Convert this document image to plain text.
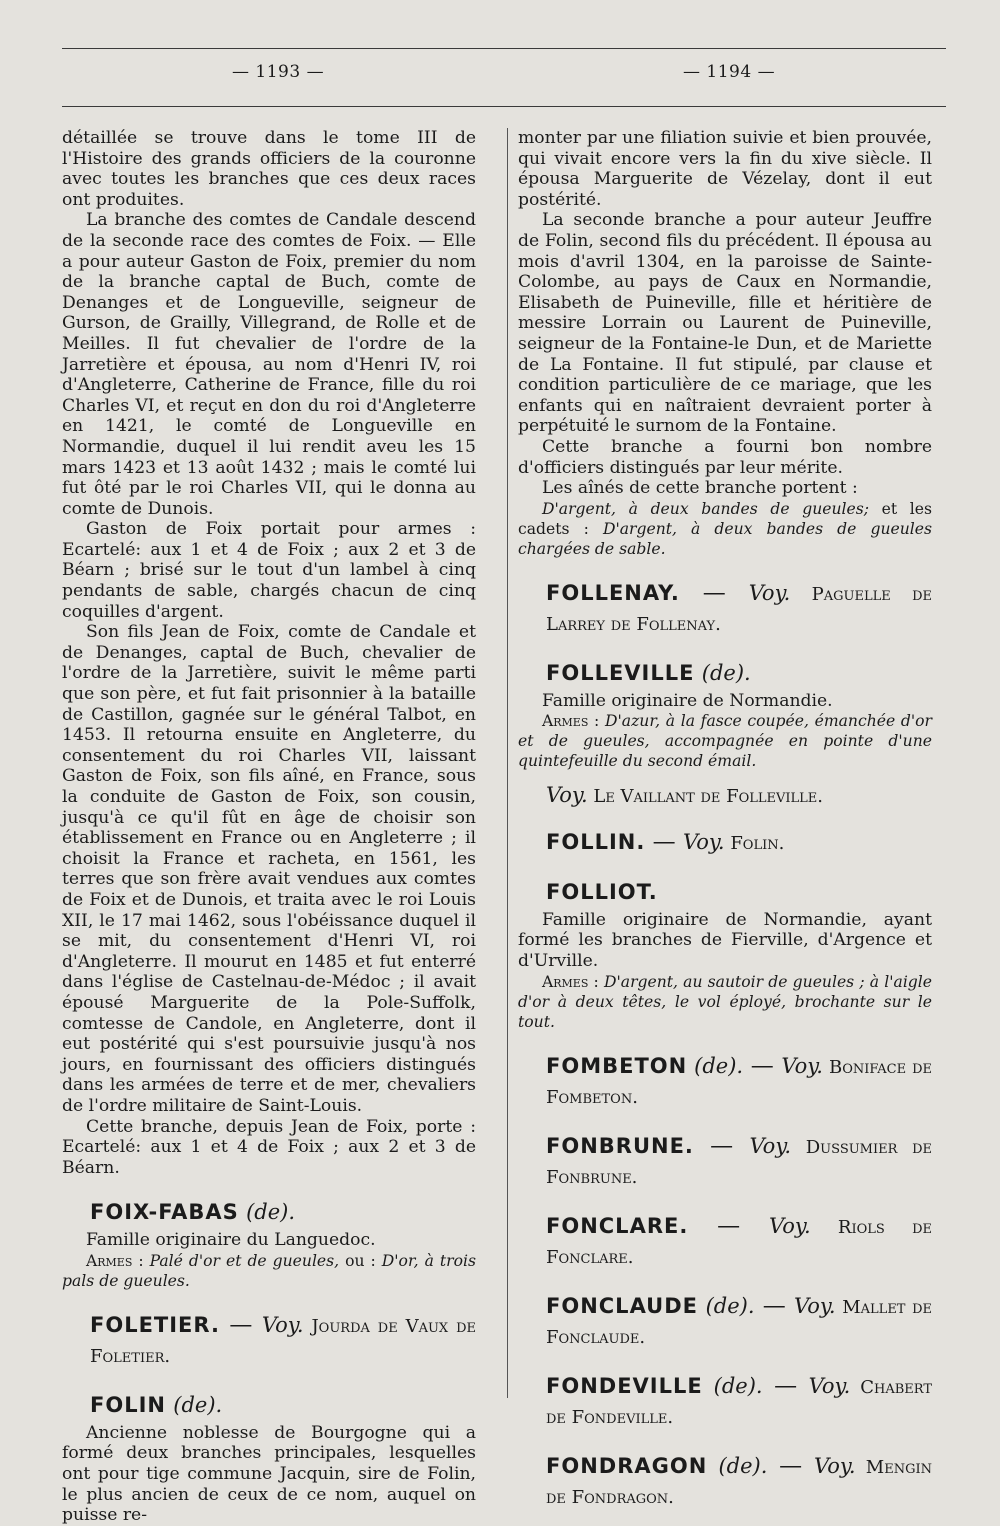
— 1193 —	— 1194 —

détaillée se trouve dans le tome III de l'Histoire des grands officiers de la couronne avec toutes les branches que ces deux races ont produites.

La branche des comtes de Candale descend de la seconde race des comtes de Foix. — Elle a pour auteur Gaston de Foix, premier du nom de la branche captal de Buch, comte de Denanges et de Longueville, seigneur de Gurson, de Grailly, Villegrand, de Rolle et de Meilles. Il fut chevalier de l'ordre de la Jarretière et épousa, au nom d'Henri IV, roi d'Angleterre, Catherine de France, fille du roi Charles VI, et reçut en don du roi d'Angleterre en 1421, le comté de Longueville en Normandie, duquel il lui rendit aveu les 15 mars 1423 et 13 août 1432 ; mais le comté lui fut ôté par le roi Charles VII, qui le donna au comte de Dunois.

Gaston de Foix portait pour armes : Ecartelé: aux 1 et 4 de Foix ; aux 2 et 3 de Béarn ; brisé sur le tout d'un lambel à cinq pendants de sable, chargés chacun de cinq coquilles d'argent.

Son fils Jean de Foix, comte de Candale et de Denanges, captal de Buch, chevalier de l'ordre de la Jarretière, suivit le même parti que son père, et fut fait prisonnier à la bataille de Castillon, gagnée sur le général Talbot, en 1453. Il retourna ensuite en Angleterre, du consentement du roi Charles VII, laissant Gaston de Foix, son fils aîné, en France, sous la conduite de Gaston de Foix, son cousin, jusqu'à ce qu'il fût en âge de choisir son établissement en France ou en Angleterre ; il choisit la France et racheta, en 1561, les terres que son frère avait vendues aux comtes de Foix et de Dunois, et traita avec le roi Louis XII, le 17 mai 1462, sous l'obéissance duquel il se mit, du consentement d'Henri VI, roi d'Angleterre. Il mourut en 1485 et fut enterré dans l'église de Castelnau-de-Médoc ; il avait épousé Marguerite de la Pole-Suffolk, comtesse de Candole, en Angleterre, dont il eut postérité qui s'est poursuivie jusqu'à nos jours, en fournissant des officiers distingués dans les armées de terre et de mer, chevaliers de l'ordre militaire de Saint-Louis.

Cette branche, depuis Jean de Foix, porte : Ecartelé: aux 1 et 4 de Foix ; aux 2 et 3 de Béarn.

FOIX-FABAS (de).

Famille originaire du Languedoc.

Armes : Palé d'or et de gueules, ou : D'or, à trois pals de gueules.

FOLETIER. — Voy. Jourda de Vaux de Foletier.

FOLIN (de).

Ancienne noblesse de Bourgogne qui a formé deux branches principales, lesquelles ont pour tige commune Jacquin, sire de Folin, le plus ancien de ceux de ce nom, auquel on puisse re-

monter par une filiation suivie et bien prouvée, qui vivait encore vers la fin du xive siècle. Il épousa Marguerite de Vézelay, dont il eut postérité.

La seconde branche a pour auteur Jeuffre de Folin, second fils du précédent. Il épousa au mois d'avril 1304, en la paroisse de Sainte-Colombe, au pays de Caux en Normandie, Elisabeth de Puineville, fille et héritière de messire Lorrain ou Laurent de Puineville, seigneur de la Fontaine-le Dun, et de Mariette de La Fontaine. Il fut stipulé, par clause et condition particulière de ce mariage, que les enfants qui en naîtraient devraient porter à perpétuité le surnom de la Fontaine.

Cette branche a fourni bon nombre d'officiers distingués par leur mérite.

Les aînés de cette branche portent :

D'argent, à deux bandes de gueules; et les cadets : D'argent, à deux bandes de gueules chargées de sable.

FOLLENAY. — Voy. Paguelle de Larrey de Follenay.

FOLLEVILLE (de).

Famille originaire de Normandie.

Armes : D'azur, à la fasce coupée, émanchée d'or et de gueules, accompagnée en pointe d'une quintefeuille du second émail.

Voy. Le Vaillant de Folleville.

FOLLIN. — Voy. Folin.

FOLLIOT.

Famille originaire de Normandie, ayant formé les branches de Fierville, d'Argence et d'Urville.

Armes : D'argent, au sautoir de gueules ; à l'aigle d'or à deux têtes, le vol éployé, brochante sur le tout.

FOMBETON (de). — Voy. Boniface de Fombeton.

FONBRUNE. — Voy. Dussumier de Fonbrune.

FONCLARE. — Voy. Riols de Fonclare.

FONCLAUDE (de). — Voy. Mallet de Fonclaude.

FONDEVILLE (de). — Voy. Chabert de Fondeville.

FONDRAGON (de). — Voy. Mengin de Fondragon.
